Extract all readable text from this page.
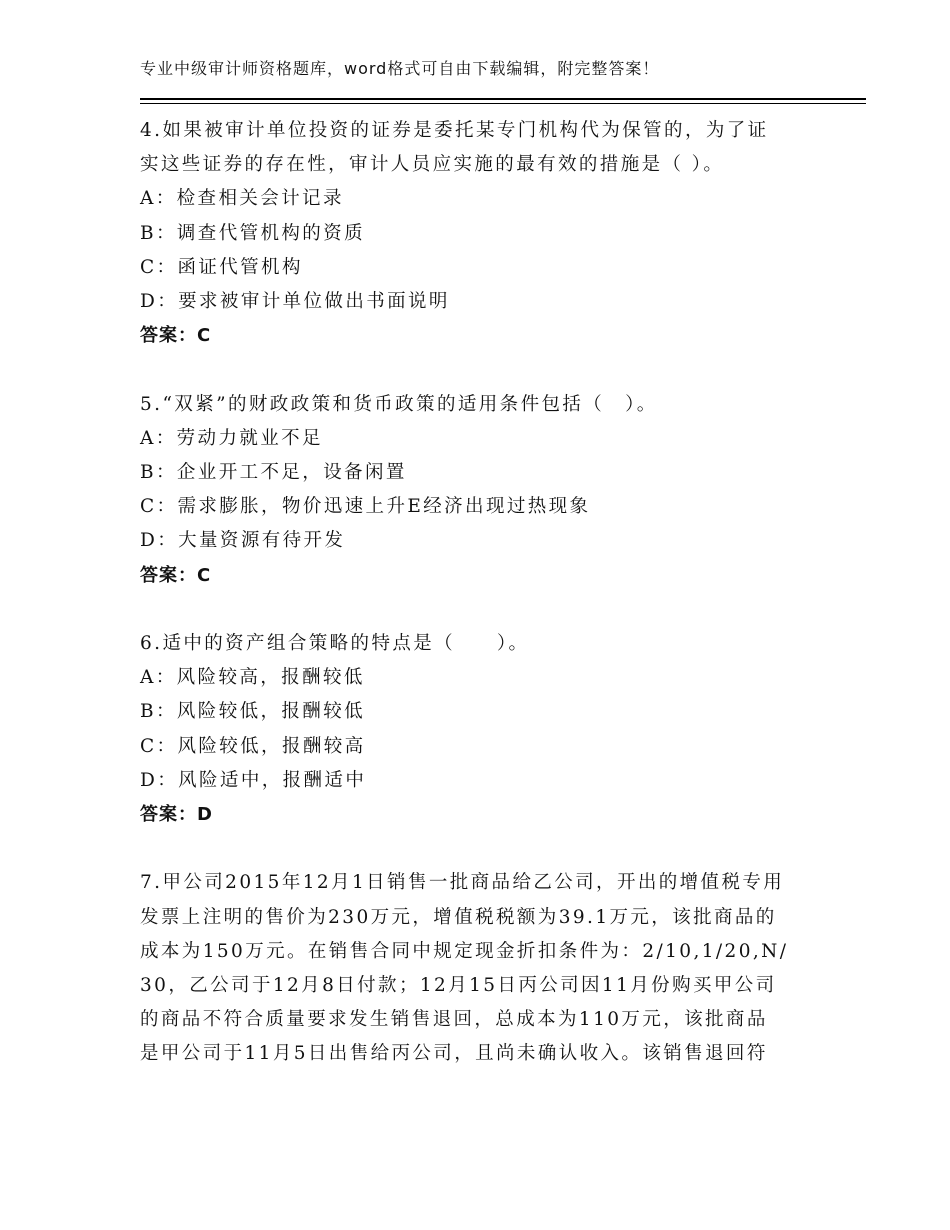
专业中级审计师资格题库，word格式可自由下载编辑，附完整答案！
4.如果被审计单位投资的证券是委托某专门机构代为保管的，为了证
实这些证券的存在性，审计人员应实施的最有效的措施是（ ）。
A：检查相关会计记录
B：调查代管机构的资质
C：函证代管机构
D：要求被审计单位做出书面说明
答案：C
5.“双紧”的财政政策和货币政策的适用条件包括（　）。
A：劳动力就业不足
B：企业开工不足，设备闲置
C：需求膨胀，物价迅速上升E经济出现过热现象
D：大量资源有待开发
答案：C
6.适中的资产组合策略的特点是（　　）。
A：风险较高，报酬较低
B：风险较低，报酬较低
C：风险较低，报酬较高
D：风险适中，报酬适中
答案：D
7.甲公司2015年12月1日销售一批商品给乙公司，开出的增值税专用
发票上注明的售价为230万元，增值税税额为39.1万元，该批商品的
成本为150万元。在销售合同中规定现金折扣条件为：2/10,1/20,N/
30，乙公司于12月8日付款；12月15日丙公司因11月份购买甲公司
的商品不符合质量要求发生销售退回，总成本为110万元，该批商品
是甲公司于11月5日出售给丙公司，且尚未确认收入。该销售退回符
